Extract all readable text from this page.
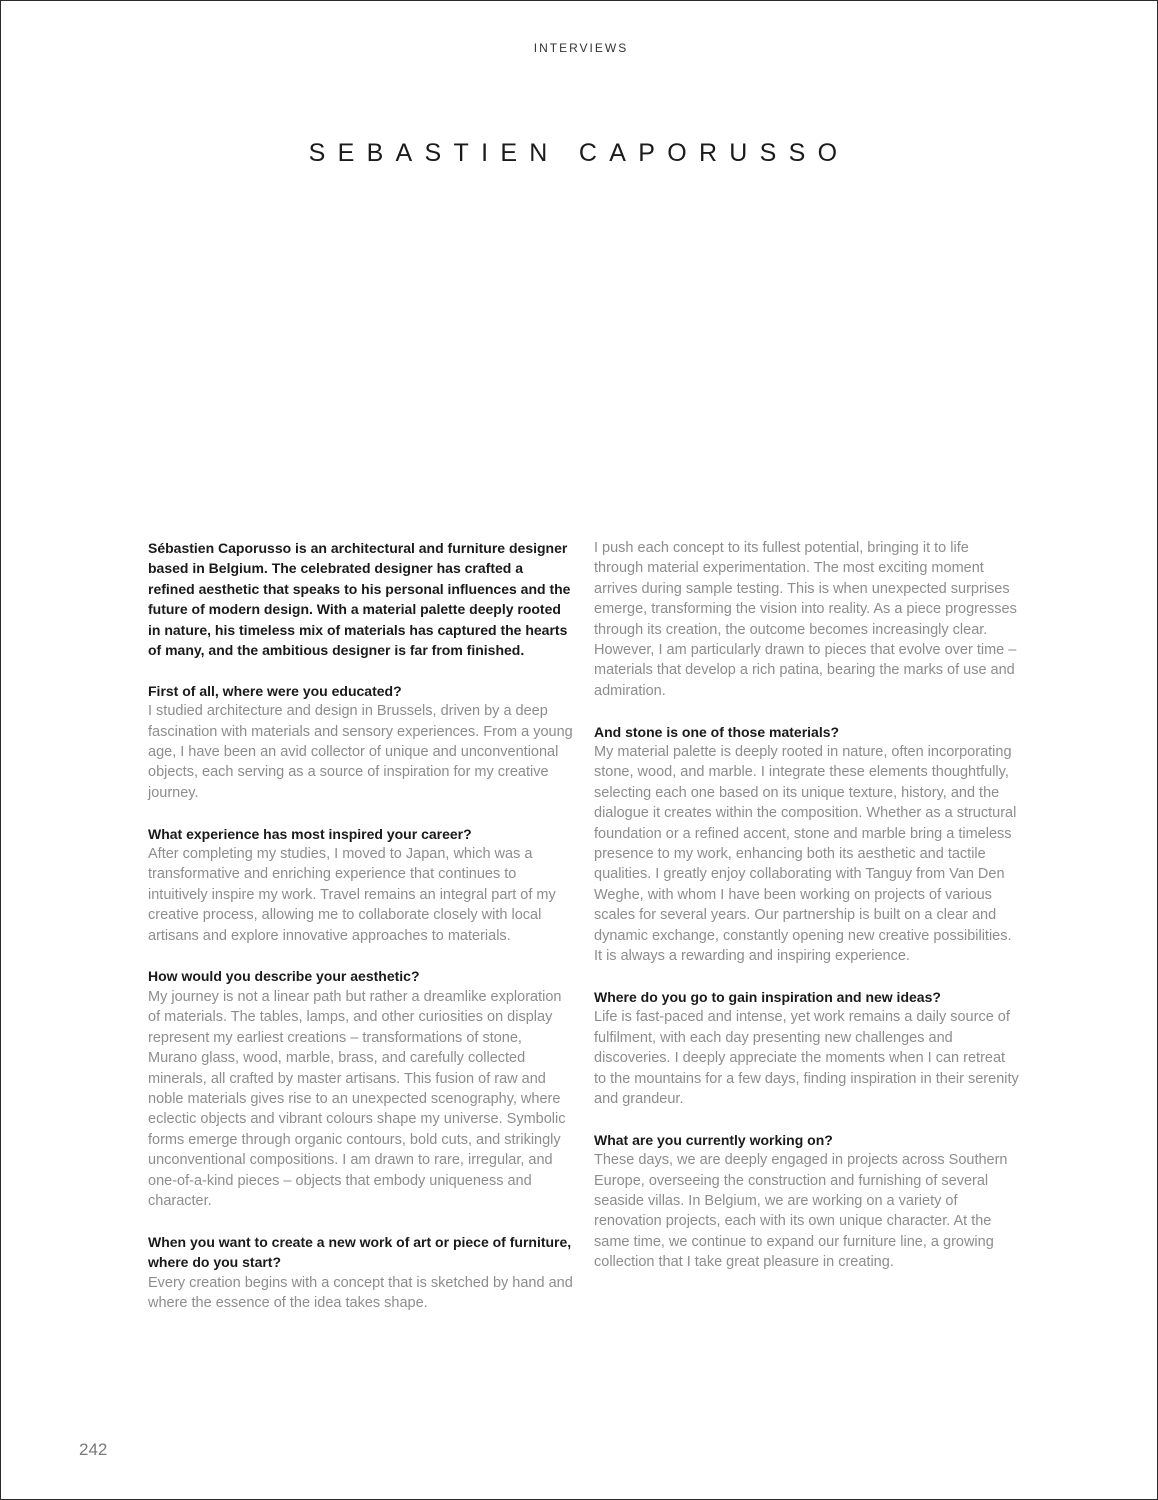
INTERVIEWS
SEBASTIEN CAPORUSSO

Sébastien Caporusso is an architectural and furniture designer based in Belgium. The celebrated designer has crafted a refined aesthetic that speaks to his personal influences and the future of modern design. With a material palette deeply rooted in nature, his timeless mix of materials has captured the hearts of many, and the ambitious designer is far from finished.

First of all, where were you educated?

I studied architecture and design in Brussels, driven by a deep fascination with materials and sensory experiences. From a young age, I have been an avid collector of unique and unconventional objects, each serving as a source of inspiration for my creative journey.

What experience has most inspired your career?

After completing my studies, I moved to Japan, which was a transformative and enriching experience that continues to intuitively inspire my work. Travel remains an integral part of my creative process, allowing me to collaborate closely with local artisans and explore innovative approaches to materials.

How would you describe your aesthetic?

My journey is not a linear path but rather a dreamlike exploration of materials. The tables, lamps, and other curiosities on display represent my earliest creations – transformations of stone, Murano glass, wood, marble, brass, and carefully collected minerals, all crafted by master artisans. This fusion of raw and noble materials gives rise to an unexpected scenography, where eclectic objects and vibrant colours shape my universe. Symbolic forms emerge through organic contours, bold cuts, and strikingly unconventional compositions. I am drawn to rare, irregular, and one-of-a-kind pieces – objects that embody uniqueness and character.

When you want to create a new work of art or piece of furniture, where do you start?

Every creation begins with a concept that is sketched by hand and where the essence of the idea takes shape.

I push each concept to its fullest potential, bringing it to life through material experimentation. The most exciting moment arrives during sample testing. This is when unexpected surprises emerge, transforming the vision into reality. As a piece progresses through its creation, the outcome becomes increasingly clear. However, I am particularly drawn to pieces that evolve over time – materials that develop a rich patina, bearing the marks of use and admiration.

And stone is one of those materials?

My material palette is deeply rooted in nature, often incorporating stone, wood, and marble. I integrate these elements thoughtfully, selecting each one based on its unique texture, history, and the dialogue it creates within the composition. Whether as a structural foundation or a refined accent, stone and marble bring a timeless presence to my work, enhancing both its aesthetic and tactile qualities. I greatly enjoy collaborating with Tanguy from Van Den Weghe, with whom I have been working on projects of various scales for several years. Our partnership is built on a clear and dynamic exchange, constantly opening new creative possibilities. It is always a rewarding and inspiring experience.

Where do you go to gain inspiration and new ideas?

Life is fast-paced and intense, yet work remains a daily source of fulfilment, with each day presenting new challenges and discoveries. I deeply appreciate the moments when I can retreat to the mountains for a few days, finding inspiration in their serenity and grandeur.

What are you currently working on?

These days, we are deeply engaged in projects across Southern Europe, overseeing the construction and furnishing of several seaside villas. In Belgium, we are working on a variety of renovation projects, each with its own unique character. At the same time, we continue to expand our furniture line, a growing collection that I take great pleasure in creating.

242
